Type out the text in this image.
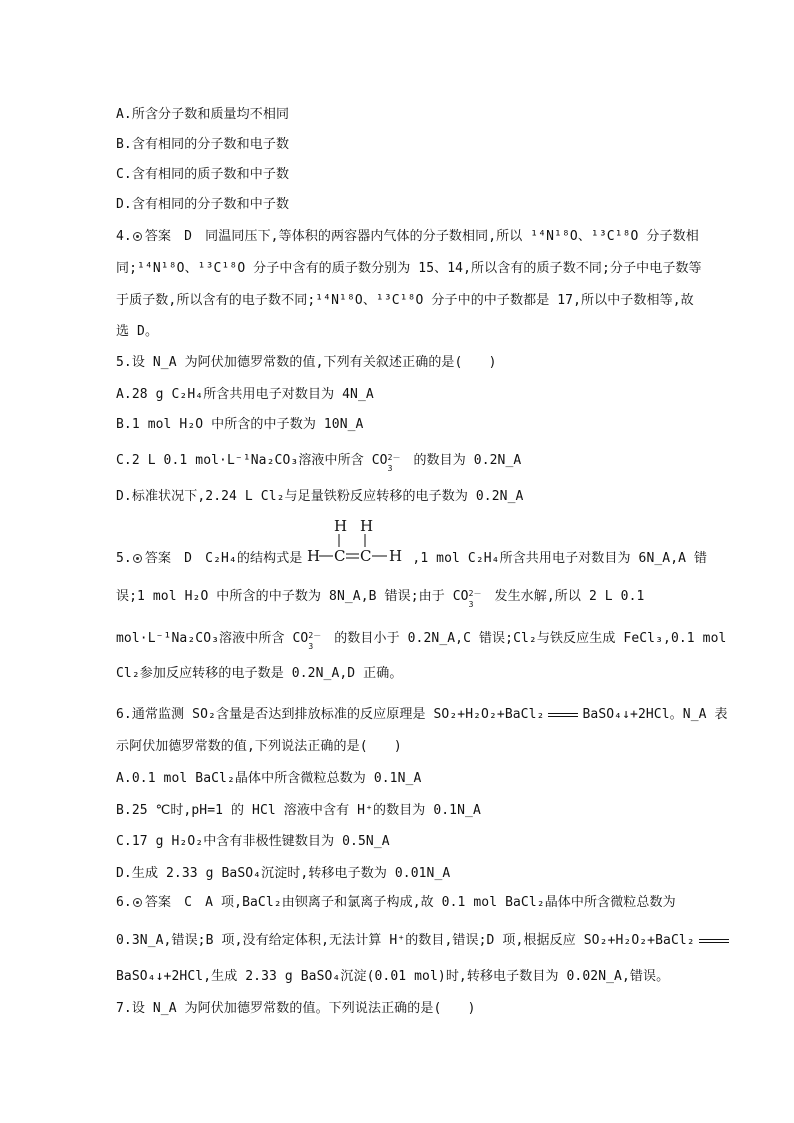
A.所含分子数和质量均不相同
B.含有相同的分子数和电子数
C.含有相同的质子数和中子数
D.含有相同的分子数和中子数
4. 答案　D　同温同压下,等体积的两容器内气体的分子数相同,所以 ¹⁴N¹⁸O、¹³C¹⁸O 分子数相
同;¹⁴N¹⁸O、¹³C¹⁸O 分子中含有的质子数分别为 15、14,所以含有的质子数不同;分子中电子数等
于质子数,所以含有的电子数不同;¹⁴N¹⁸O、¹³C¹⁸O 分子中的中子数都是 17,所以中子数相等,故
选 D。
5.设 N_A 为阿伏加德罗常数的值,下列有关叙述正确的是(　　)
A.28 g C₂H₄所含共用电子对数目为 4N_A
B.1 mol H₂O 中所含的中子数为 10N_A
C.2 L 0.1 mol·L⁻¹Na₂CO₃溶液中所含 CO 2－
3
的数目为 0.2N_A
D.标准状况下,2.24 L Cl₂与足量铁粉反应转移的电子数为 0.2N_A
5. 答案　D　C₂H₄的结构式是	,1 mol C₂H₄所含共用电子对数目为 6N_A,A 错
H H
H C C H
误;1 mol H₂O 中所含的中子数为 8N_A,B 错误;由于 CO 2－
3
发生水解,所以 2 L 0.1
mol·L⁻¹Na₂CO₃溶液中所含 CO 2－
3
的数目小于 0.2N_A,C 错误;Cl₂与铁反应生成 FeCl₃,0.1 mol
Cl₂参加反应转移的电子数是 0.2N_A,D 正确。
6.通常监测 SO₂含量是否达到排放标准的反应原理是 SO₂+H₂O₂+BaCl₂	BaSO₄↓+2HCl。N_A 表
示阿伏加德罗常数的值,下列说法正确的是(　　)
A.0.1 mol BaCl₂晶体中所含微粒总数为 0.1N_A
B.25 ℃时,pH=1 的 HCl 溶液中含有 H⁺的数目为 0.1N_A
C.17 g H₂O₂中含有非极性键数目为 0.5N_A
D.生成 2.33 g BaSO₄沉淀时,转移电子数为 0.01N_A
6. 答案　C　A 项,BaCl₂由钡离子和氯离子构成,故 0.1 mol BaCl₂晶体中所含微粒总数为
0.3N_A,错误;B 项,没有给定体积,无法计算 H⁺的数目,错误;D 项,根据反应 SO₂+H₂O₂+BaCl₂
BaSO₄↓+2HCl,生成 2.33 g BaSO₄沉淀(0.01 mol)时,转移电子数目为 0.02N_A,错误。
7.设 N_A 为阿伏加德罗常数的值。下列说法正确的是(　　)
